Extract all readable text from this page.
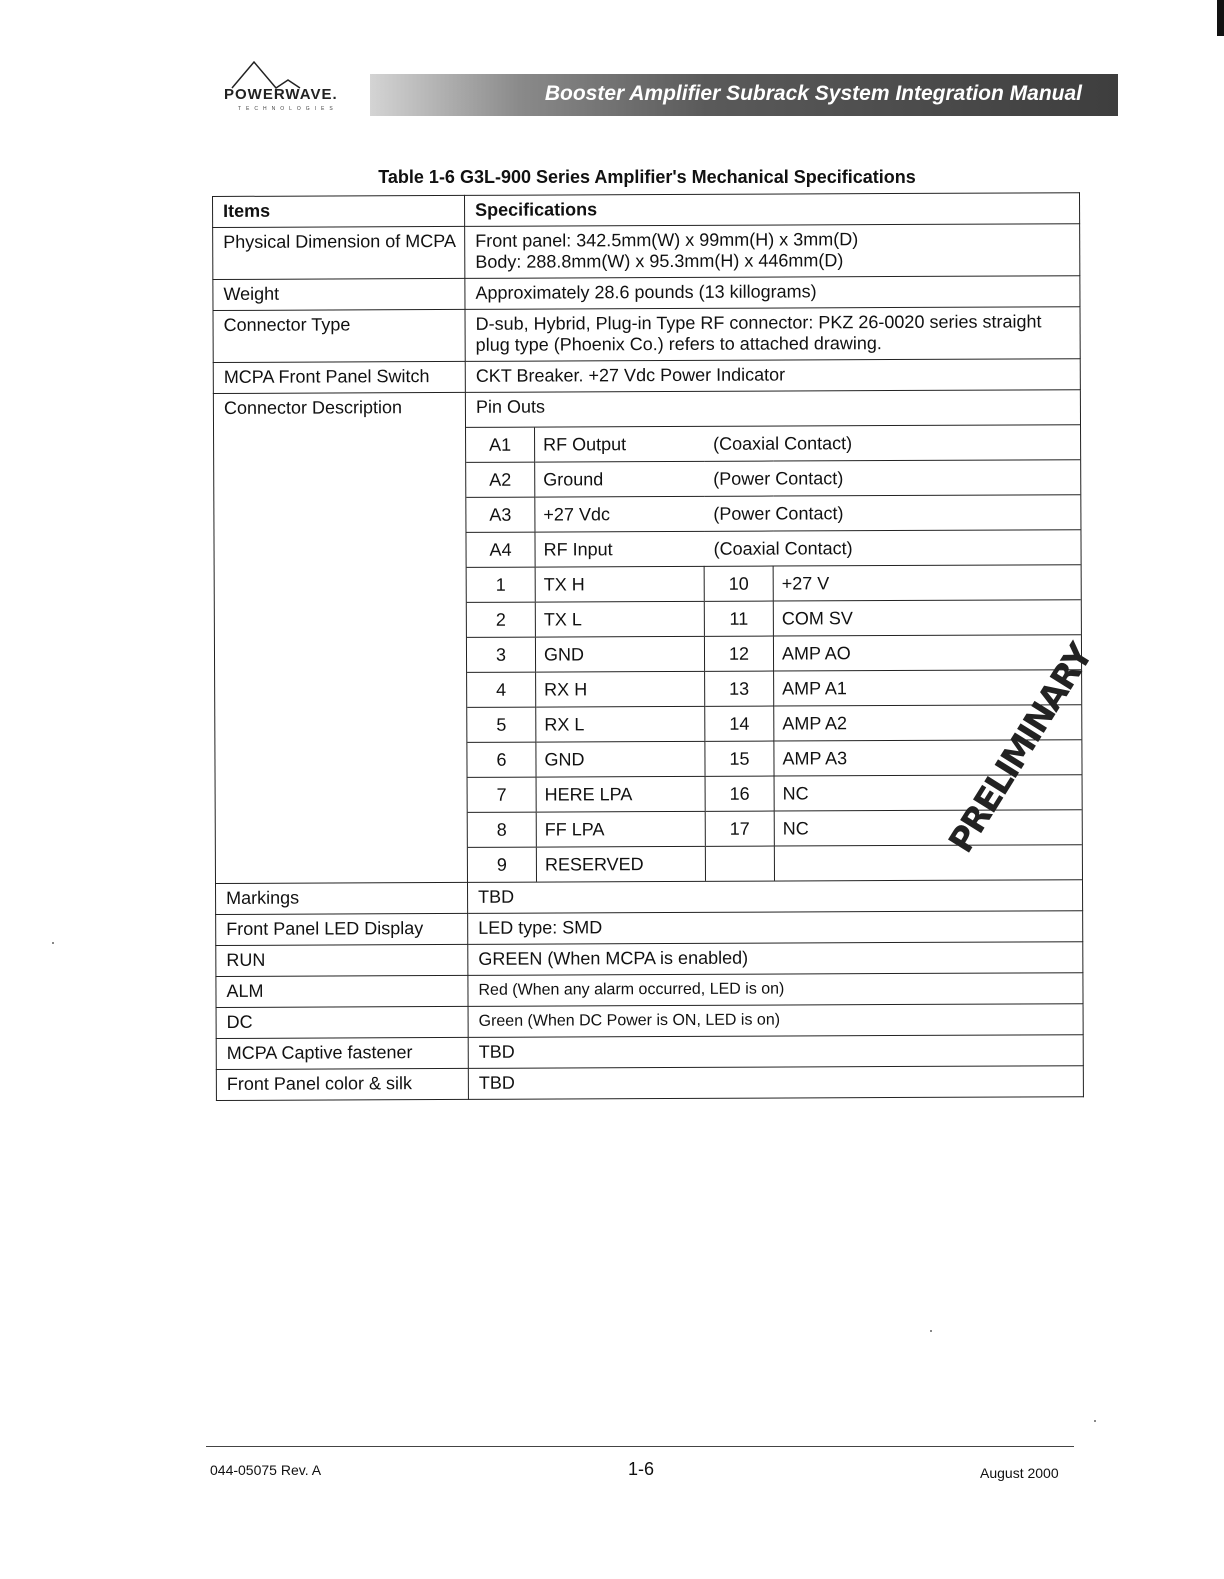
POWERWAVE.
TECHNOLOGIES
Booster Amplifier Subrack System Integration Manual
Table 1-6 G3L-900 Series Amplifier's Mechanical Specifications
Items	Specifications
Physical Dimension of MCPA	Front panel: 342.5mm(W) x 99mm(H) x 3mm(D)
Body: 288.8mm(W) x 95.3mm(H) x 446mm(D)

Weight	Approximately 28.6 pounds (13 killograms)
Connector Type	D-sub, Hybrid, Plug-in Type RF connector: PKZ 26-0020 series straight plug type (Phoenix Co.) refers to attached drawing.
MCPA Front Panel Switch	CKT Breaker. +27 Vdc Power Indicator
Connector Description	Pin Outs
A1	RF Output	(Coaxial Contact)
A2	Ground	(Power Contact)
A3	+27 Vdc	(Power Contact)
A4	RF Input	(Coaxial Contact)
1	TX H	10	+27 V
2	TX L	11	COM SV
3	GND	12	AMP AO
4	RX H	13	AMP A1
5	RX L	14	AMP A2
6	GND	15	AMP A3
7	HERE LPA	16	NC
8	FF LPA	17	NC
9	RESERVED		

Markings	TBD
Front Panel LED Display	LED type: SMD
RUN	GREEN (When MCPA is enabled)
ALM	Red (When any alarm occurred, LED is on)
DC	Green (When DC Power is ON, LED is on)
MCPA Captive fastener	TBD
Front Panel color & silk	TBD
PRELIMINARY
044-05075 Rev. A	1-6	August 2000
